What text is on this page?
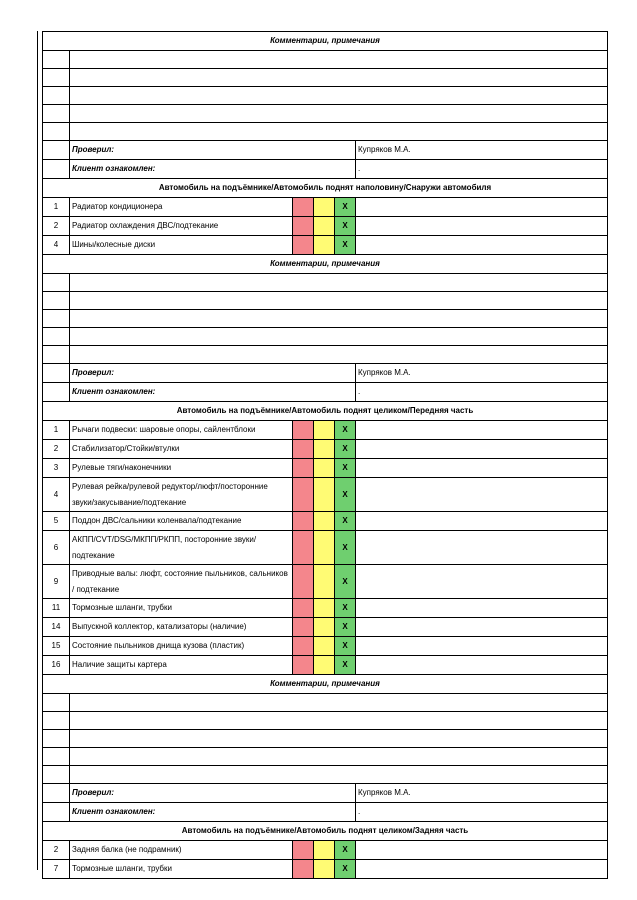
Комментарии, примечания					

	Проверил:				Купряков М.А.
	Клиент ознакомлен:				.
Автомобиль на подъёмнике/Автомобиль поднят наполовину/Снаружи автомобиля					
1	Радиатор кондиционера			X	
2	Радиатор охлаждения ДВС/подтекание			X	
4	Шины/колесные диски			X	
Комментарии, примечания					

	Проверил:				Купряков М.А.
	Клиент ознакомлен:				.
Автомобиль на подъёмнике/Автомобиль поднят целиком/Передняя часть					
1	Рычаги подвески: шаровые опоры, сайлентблоки			X	
2	Стабилизатор/Стойки/втулки			X	
3	Рулевые тяги/наконечники			X	
4	Рулевая рейка/рулевой редуктор/люфт/посторонние звуки/закусывание/подтекание			X	
5	Поддон ДВС/сальники коленвала/подтекание			X	
6	АКПП/CVT/DSG/МКПП/РКПП, посторонние звуки/ подтекание			X	
9	Приводные валы: люфт, состояние пыльников, сальников / подтекание			X	
11	Тормозные шланги, трубки			X	
14	Выпускной коллектор, катализаторы (наличие)			X	
15	Состояние пыльников днища кузова (пластик)			X	
16	Наличие защиты картера			X	
Комментарии, примечания					

	Проверил:				Купряков М.А.
	Клиент ознакомлен:				.
Автомобиль на подъёмнике/Автомобиль поднят целиком/Задняя часть					
2	Задняя балка (не подрамник)			X	
7	Тормозные шланги, трубки			X	
